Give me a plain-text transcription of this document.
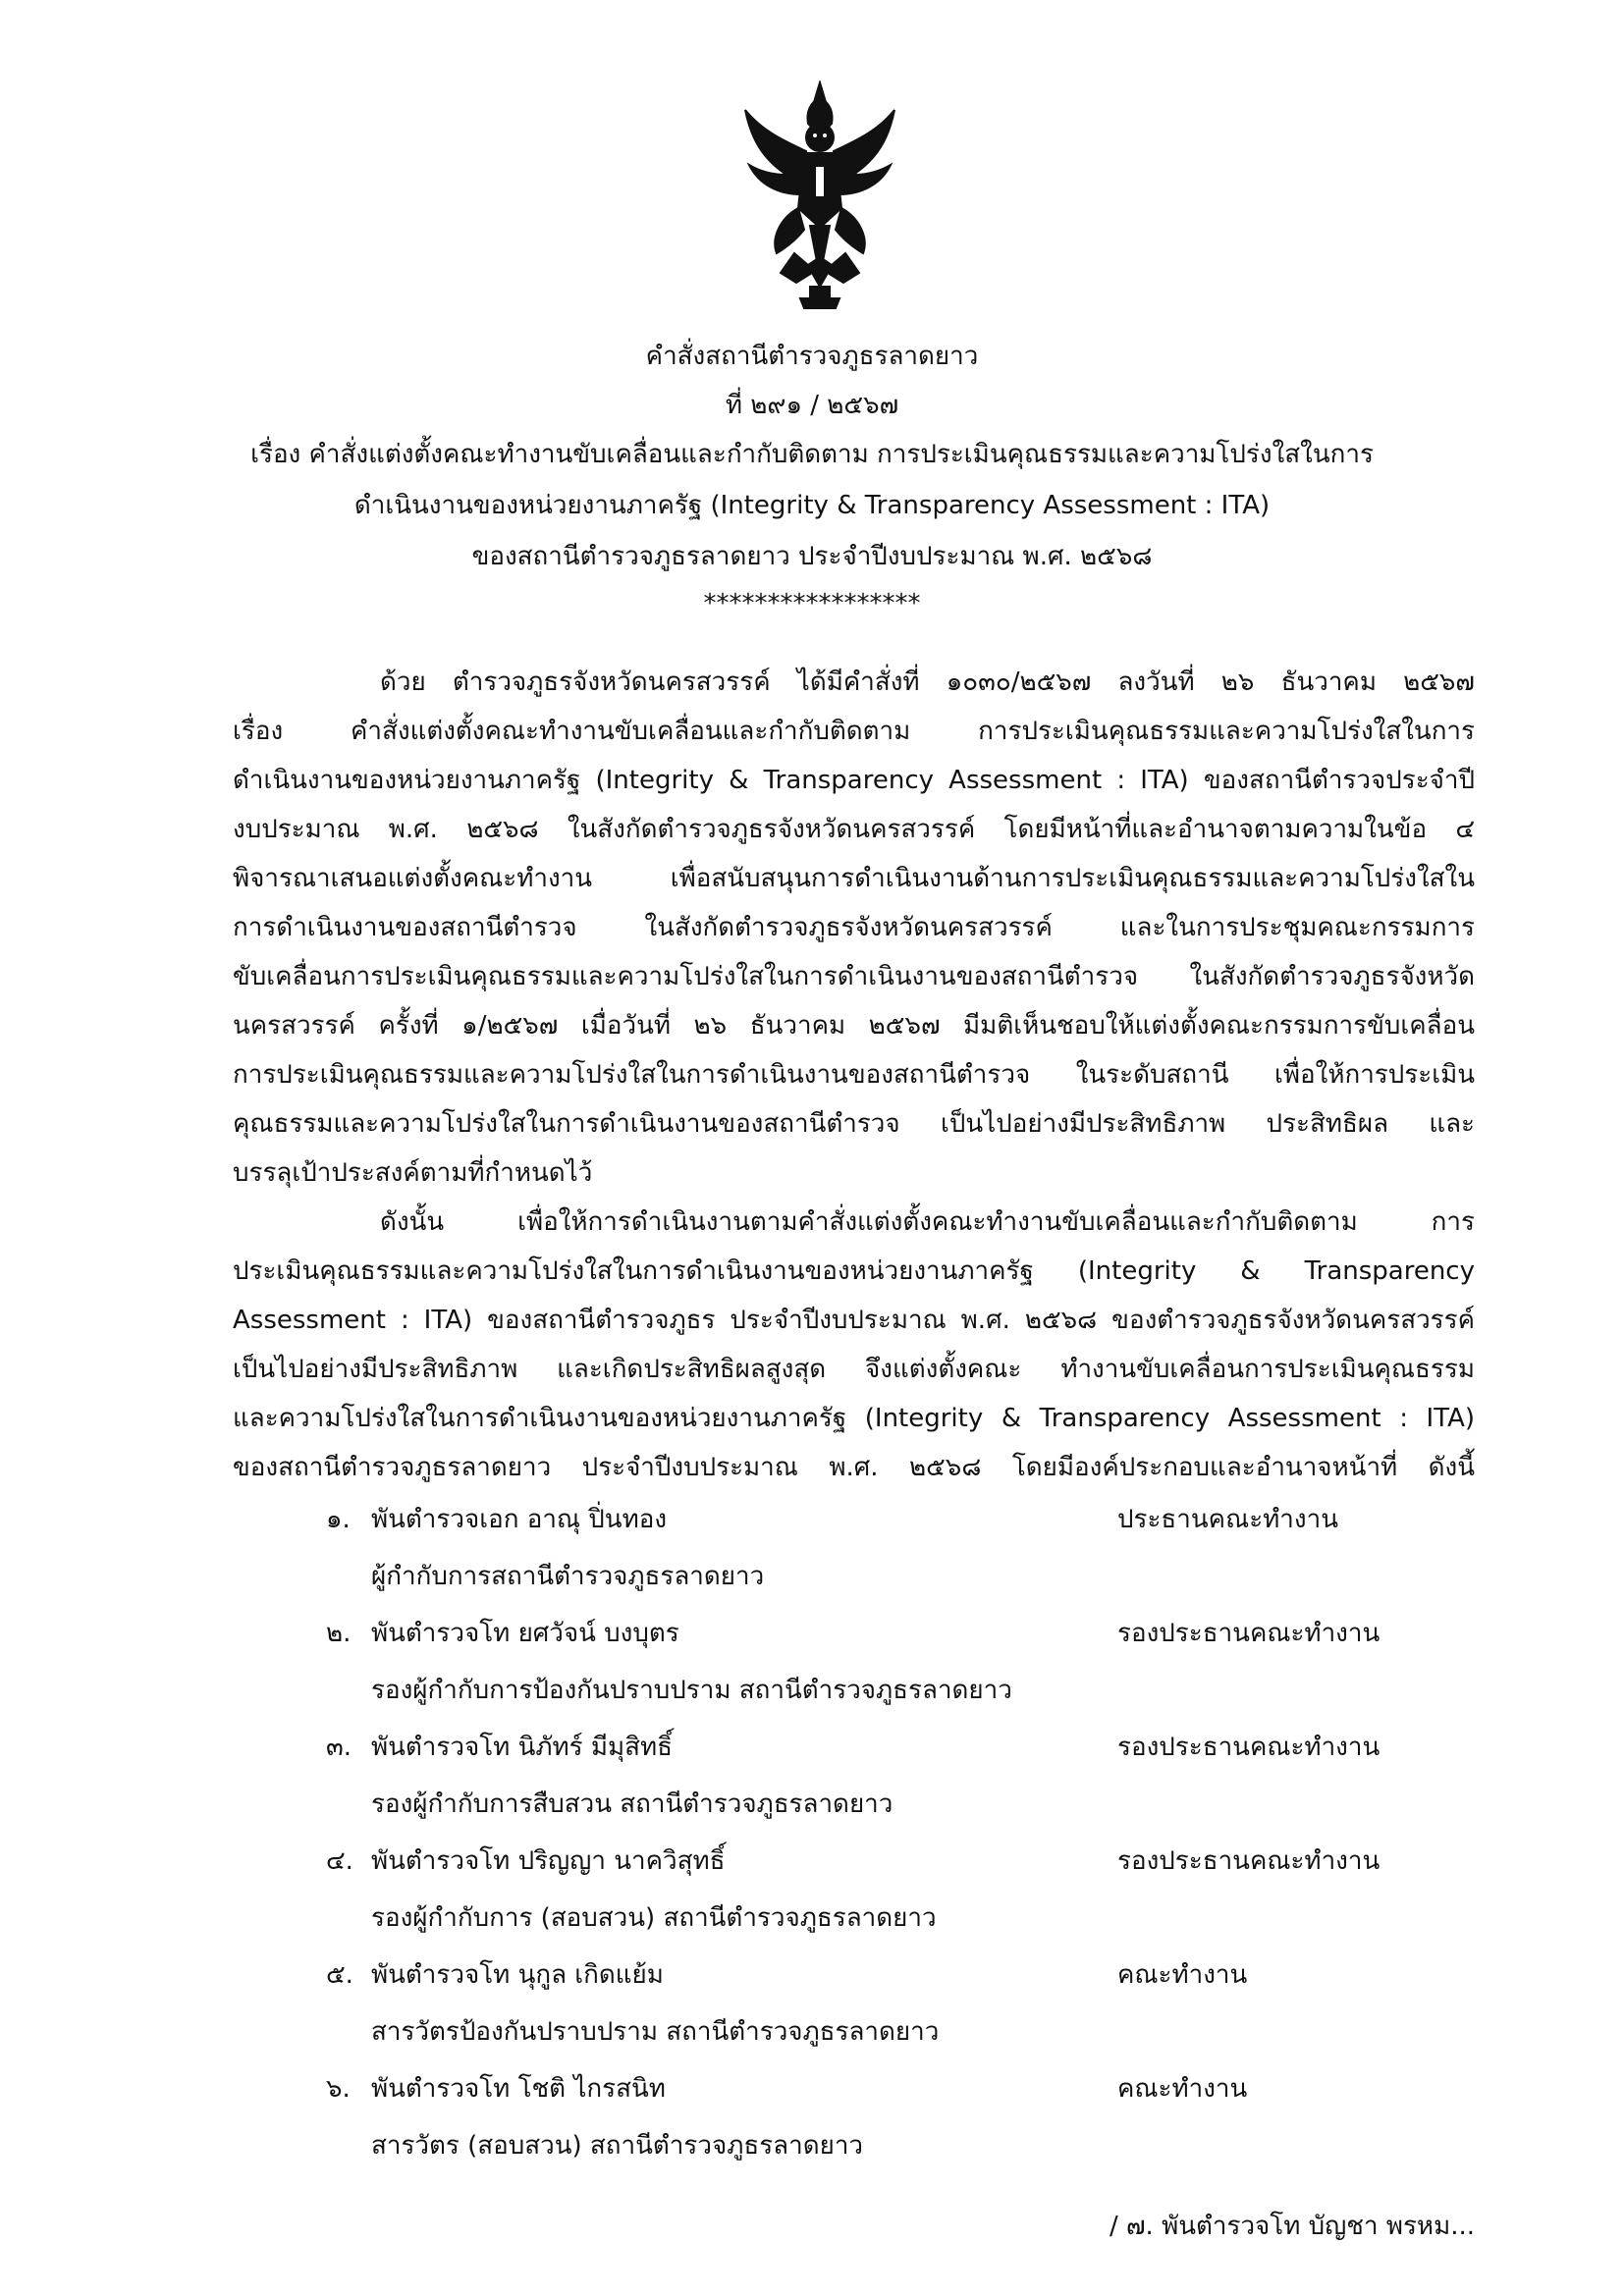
คำสั่งสถานีตำรวจภูธรลาดยาว
ที่ ๒๙๑ / ๒๕๖๗
เรื่อง คำสั่งแต่งตั้งคณะทำงานขับเคลื่อนและกำกับติดตาม การประเมินคุณธรรมและความโปร่งใสในการ
ดำเนินงานของหน่วยงานภาครัฐ (Integrity & Transparency Assessment : ITA)
ของสถานีตำรวจภูธรลาดยาว ประจำปีงบประมาณ พ.ศ. ๒๕๖๘
*****************
ด้วย ตำรวจภูธรจังหวัดนครสวรรค์ ได้มีคำสั่งที่ ๑๐๓๐/๒๕๖๗ ลงวันที่ ๒๖ ธันวาคม ๒๕๖๗
เรื่อง คำสั่งแต่งตั้งคณะทำงานขับเคลื่อนและกำกับติดตาม การประเมินคุณธรรมและความโปร่งใสในการ
ดำเนินงานของหน่วยงานภาครัฐ (Integrity & Transparency Assessment : ITA) ของสถานีตำรวจประจำปี
งบประมาณ พ.ศ. ๒๕๖๘ ในสังกัดตำรวจภูธรจังหวัดนครสวรรค์ โดยมีหน้าที่และอำนาจตามความในข้อ ๔
พิจารณาเสนอแต่งตั้งคณะทำงาน เพื่อสนับสนุนการดำเนินงานด้านการประเมินคุณธรรมและความโปร่งใสใน
การดำเนินงานของสถานีตำรวจ ในสังกัดตำรวจภูธรจังหวัดนครสวรรค์ และในการประชุมคณะกรรมการ
ขับเคลื่อนการประเมินคุณธรรมและความโปร่งใสในการดำเนินงานของสถานีตำรวจ ในสังกัดตำรวจภูธรจังหวัด
นครสวรรค์ ครั้งที่ ๑/๒๕๖๗ เมื่อวันที่ ๒๖ ธันวาคม ๒๕๖๗ มีมติเห็นชอบให้แต่งตั้งคณะกรรมการขับเคลื่อน
การประเมินคุณธรรมและความโปร่งใสในการดำเนินงานของสถานีตำรวจ ในระดับสถานี เพื่อให้การประเมิน
คุณธรรมและความโปร่งใสในการดำเนินงานของสถานีตำรวจ เป็นไปอย่างมีประสิทธิภาพ ประสิทธิผล และ
บรรลุเป้าประสงค์ตามที่กำหนดไว้
ดังนั้น เพื่อให้การดำเนินงานตามคำสั่งแต่งตั้งคณะทำงานขับเคลื่อนและกำกับติดตาม การ
ประเมินคุณธรรมและความโปร่งใสในการดำเนินงานของหน่วยงานภาครัฐ (Integrity & Transparency
Assessment : ITA) ของสถานีตำรวจภูธร ประจำปีงบประมาณ พ.ศ. ๒๕๖๘ ของตำรวจภูธรจังหวัดนครสวรรค์
เป็นไปอย่างมีประสิทธิภาพ และเกิดประสิทธิผลสูงสุด จึงแต่งตั้งคณะ ทำงานขับเคลื่อนการประเมินคุณธรรม
และความโปร่งใสในการดำเนินงานของหน่วยงานภาครัฐ (Integrity & Transparency Assessment : ITA)
ของสถานีตำรวจภูธรลาดยาว ประจำปีงบประมาณ พ.ศ. ๒๕๖๘ โดยมีองค์ประกอบและอำนาจหน้าที่ ดังนี้
๑. พันตำรวจเอก อาณุ ปิ่นทอง	ประธานคณะทำงาน
ผู้กำกับการสถานีตำรวจภูธรลาดยาว
๒. พันตำรวจโท ยศวัจน์ บงบุตร	รองประธานคณะทำงาน
รองผู้กำกับการป้องกันปราบปราม สถานีตำรวจภูธรลาดยาว
๓. พันตำรวจโท นิภัทร์ มีมุสิทธิ์	รองประธานคณะทำงาน
รองผู้กำกับการสืบสวน สถานีตำรวจภูธรลาดยาว
๔. พันตำรวจโท ปริญญา นาควิสุทธิ์	รองประธานคณะทำงาน
รองผู้กำกับการ (สอบสวน) สถานีตำรวจภูธรลาดยาว
๕. พันตำรวจโท นุกูล เกิดแย้ม	คณะทำงาน
สารวัตรป้องกันปราบปราม สถานีตำรวจภูธรลาดยาว
๖. พันตำรวจโท โชติ ไกรสนิท	คณะทำงาน
สารวัตร (สอบสวน) สถานีตำรวจภูธรลาดยาว
/ ๗. พันตำรวจโท บัญชา พรหม...
